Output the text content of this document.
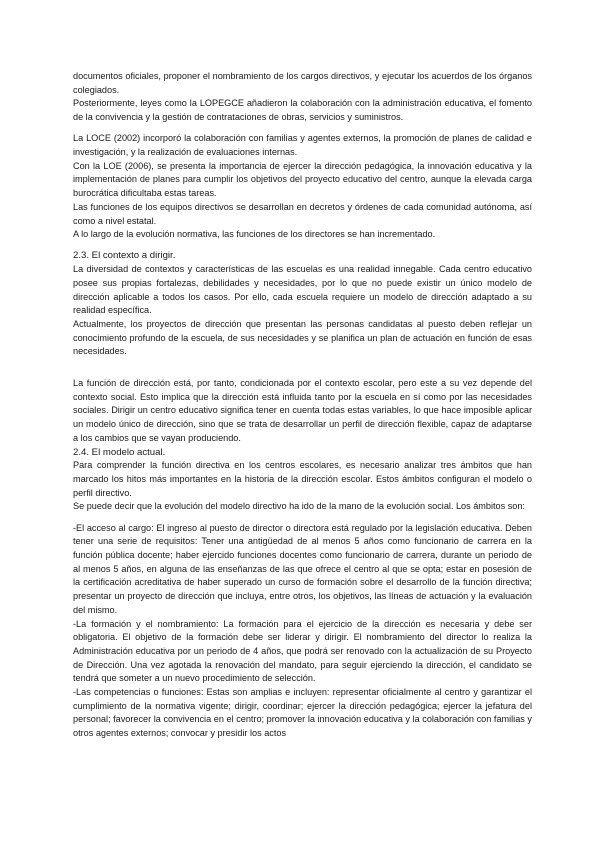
documentos oficiales, proponer el nombramiento de los cargos directivos, y ejecutar los acuerdos de los órganos colegiados.

Posteriormente, leyes como la LOPEGCE añadieron la colaboración con la administración educativa, el fomento de la convivencia y la gestión de contrataciones de obras, servicios y suministros.

La LOCE (2002) incorporó la colaboración con familias y agentes externos, la promoción de planes de calidad e investigación, y la realización de evaluaciones internas.

Con la LOE (2006), se presenta la importancia de ejercer la dirección pedagógica, la innovación educativa y la implementación de planes para cumplir los objetivos del proyecto educativo del centro, aunque la elevada carga burocrática dificultaba estas tareas.

Las funciones de los equipos directivos se desarrollan en decretos y órdenes de cada comunidad autónoma, así como a nivel estatal.

A lo largo de la evolución normativa, las funciones de los directores se han incrementado.

2.3. El contexto a dirigir.

La diversidad de contextos y características de las escuelas es una realidad innegable. Cada centro educativo posee sus propias fortalezas, debilidades y necesidades, por lo que no puede existir un único modelo de dirección aplicable a todos los casos. Por ello, cada escuela requiere un modelo de dirección adaptado a su realidad específica.

Actualmente, los proyectos de dirección que presentan las personas candidatas al puesto deben reflejar un conocimiento profundo de la escuela, de sus necesidades y se planifica un plan de actuación en función de esas necesidades.

La función de dirección está, por tanto, condicionada por el contexto escolar, pero este a su vez depende del contexto social. Esto implica que la dirección está influida tanto por la escuela en sí como por las necesidades sociales. Dirigir un centro educativo significa tener en cuenta todas estas variables, lo que hace imposible aplicar un modelo único de dirección, sino que se trata de desarrollar un perfil de dirección flexible, capaz de adaptarse a los cambios que se vayan produciendo.

2.4. El modelo actual.

Para comprender la función directiva en los centros escolares, es necesario analizar tres ámbitos que han marcado los hitos más importantes en la historia de la dirección escolar. Estos ámbitos configuran el modelo o perfil directivo.

Se puede decir que la evolución del modelo directivo ha ido de la mano de la evolución social. Los ámbitos son:

-El acceso al cargo: El ingreso al puesto de director o directora está regulado por la legislación educativa. Deben tener una serie de requisitos: Tener una antigüedad de al menos 5 años como funcionario de carrera en la función pública docente; haber ejercido funciones docentes como funcionario de carrera, durante un periodo de al menos 5 años, en alguna de las enseñanzas de las que ofrece el centro al que se opta; estar en posesión de la certificación acreditativa de haber superado un curso de formación sobre el desarrollo de la función directiva; presentar un proyecto de dirección que incluya, entre otros, los objetivos, las líneas de actuación y la evaluación del mismo.

-La formación y el nombramiento: La formación para el ejercicio de la dirección es necesaria y debe ser obligatoria. El objetivo de la formación debe ser liderar y dirigir. El nombramiento del director lo realiza la Administración educativa por un periodo de 4 años, que podrá ser renovado con la actualización de su Proyecto de Dirección. Una vez agotada la renovación del mandato, para seguir ejerciendo la dirección, el candidato se tendrá que someter a un nuevo procedimiento de selección.

-Las competencias o funciones: Estas son amplias e incluyen: representar oficialmente al centro y garantizar el cumplimiento de la normativa vigente; dirigir, coordinar; ejercer la dirección pedagógica; ejercer la jefatura del personal; favorecer la convivencia en el centro; promover la innovación educativa y la colaboración con familias y otros agentes externos; convocar y presidir los actos
